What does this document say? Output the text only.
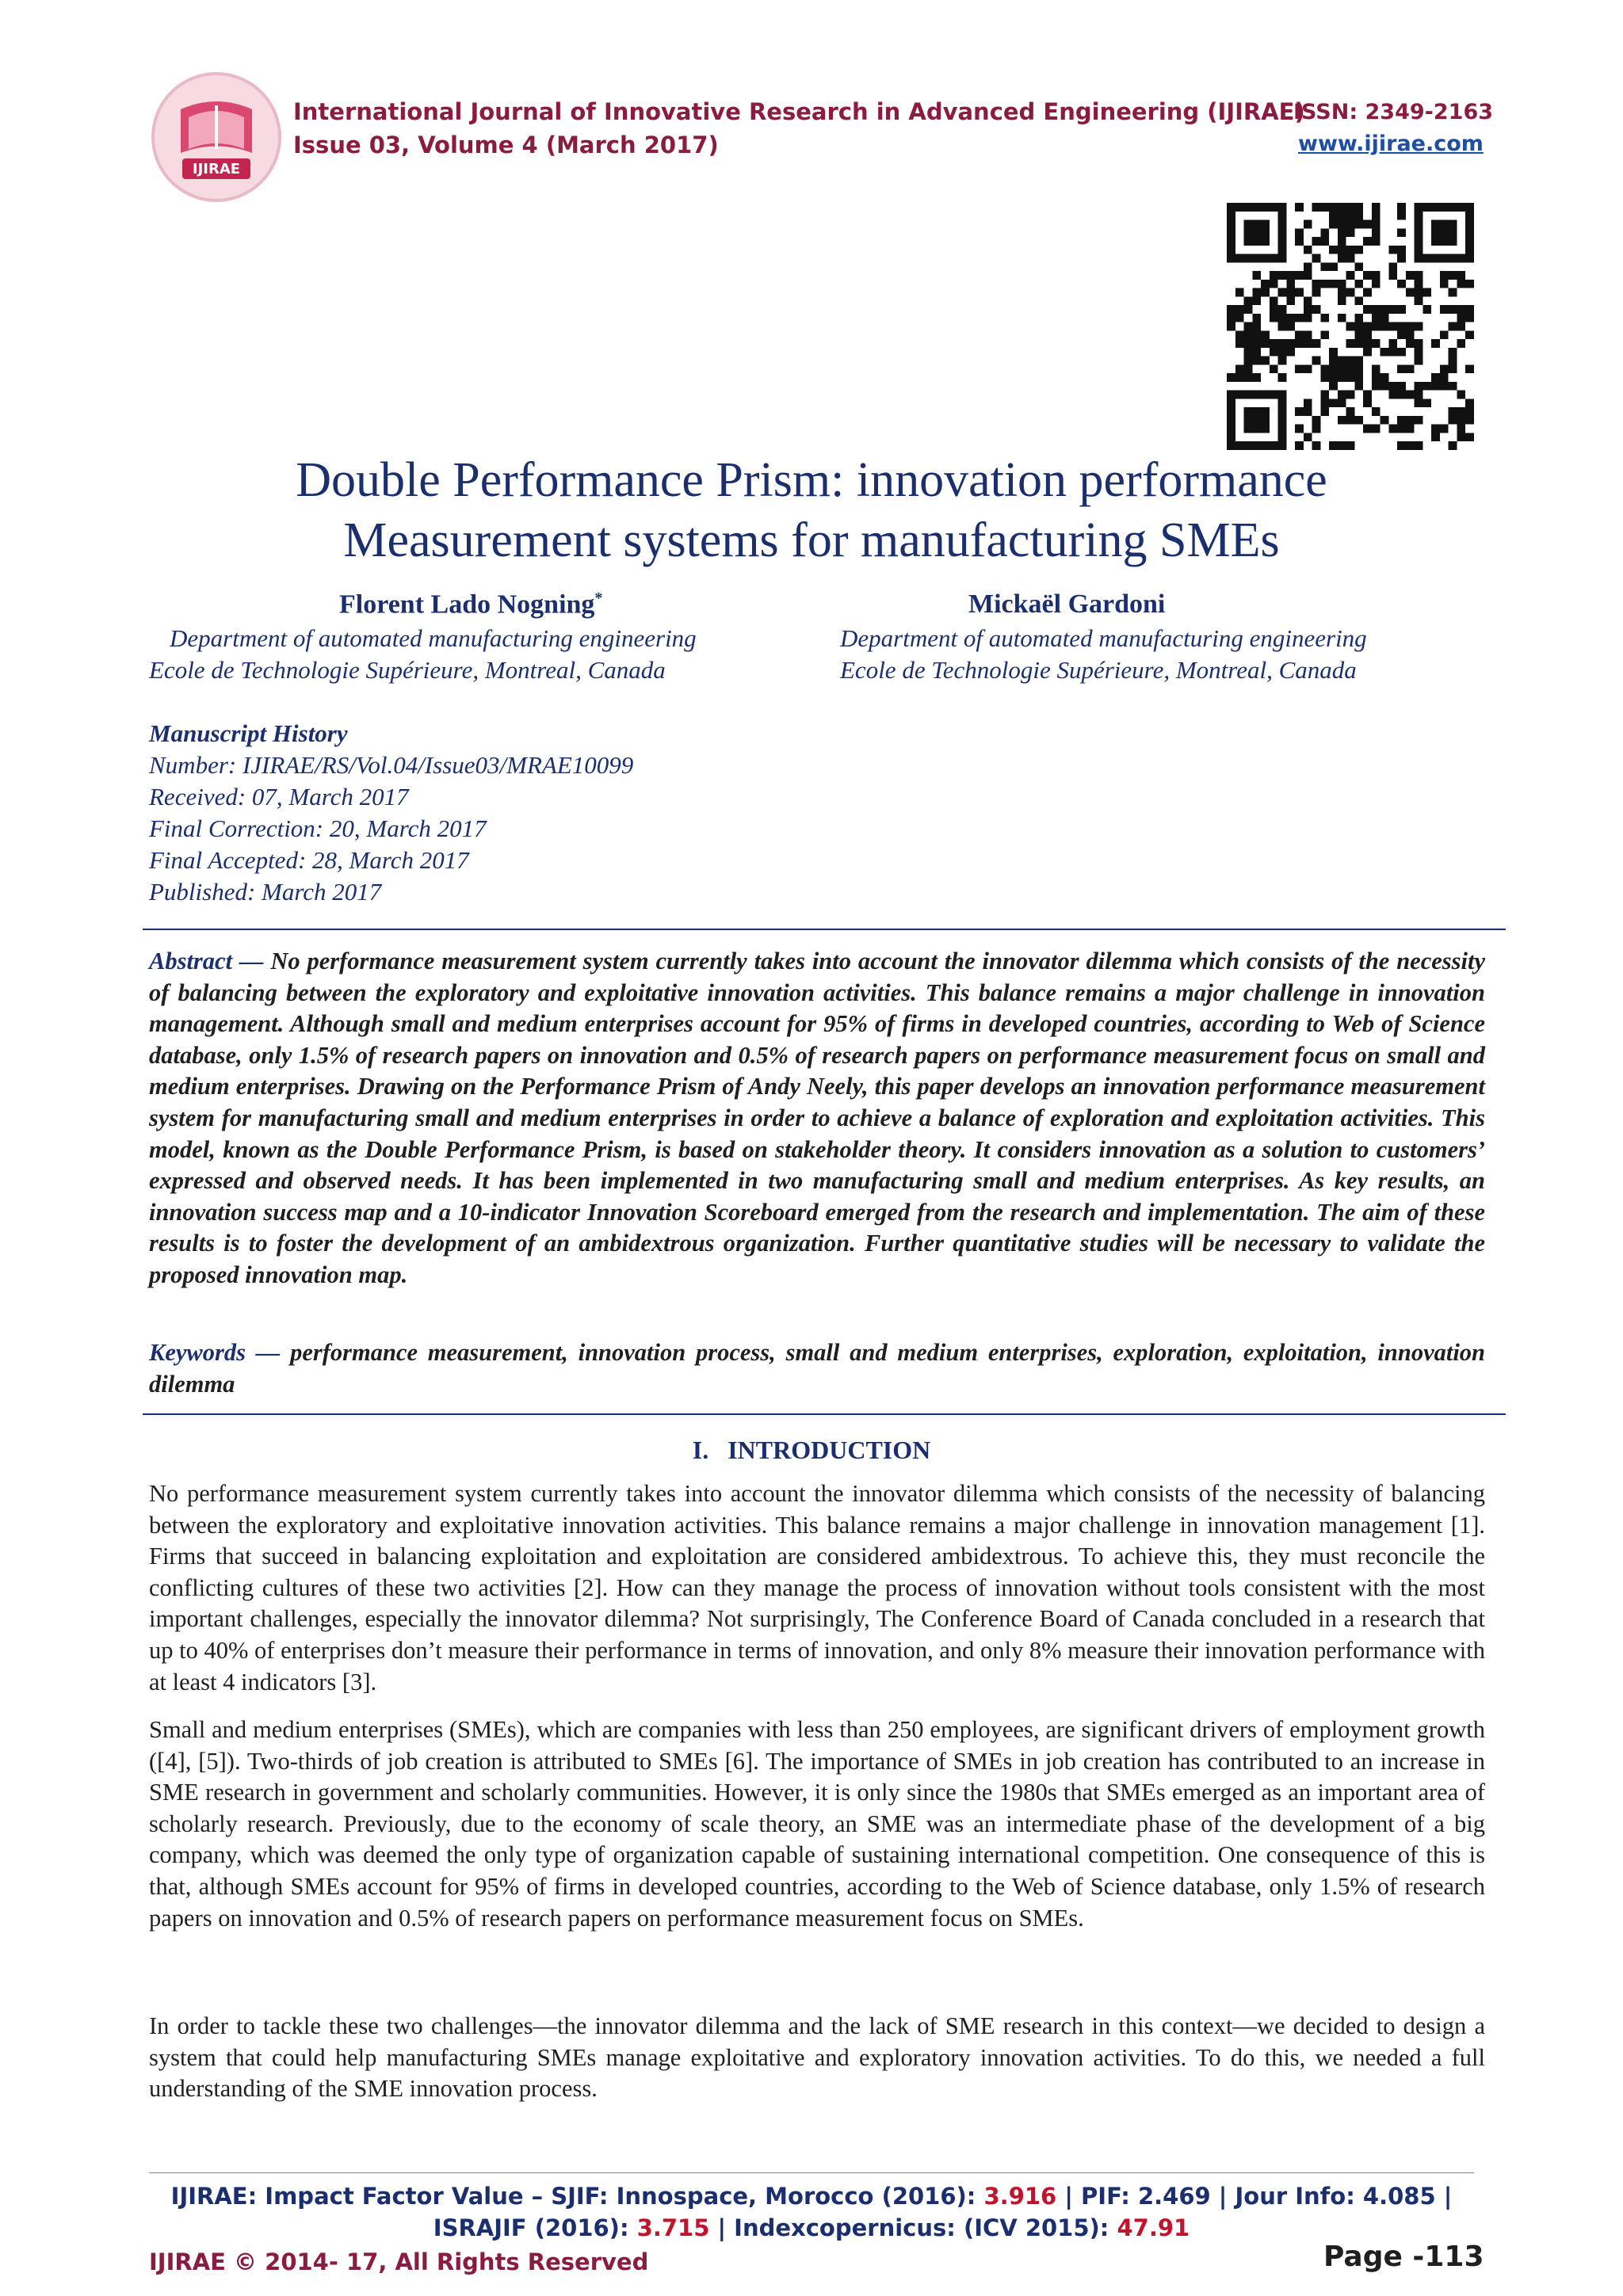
IJIRAE
International Journal of Innovative Research in Advanced Engineering (IJIRAE)
ISSN: 2349-2163
Issue 03, Volume 4 (March 2017)	www.ijirae.com
Double Performance Prism: innovation performance
Measurement systems for manufacturing SMEs
Florent Lado Nogning*
Department of automated manufacturing engineering
Ecole de Technologie Supérieure, Montreal, Canada
Mickaël Gardoni
Department of automated manufacturing engineering
Ecole de Technologie Supérieure, Montreal, Canada
Manuscript History
Number: IJIRAE/RS/Vol.04/Issue03/MRAE10099
Received: 07, March 2017
Final Correction: 20, March 2017
Final Accepted: 28, March 2017
Published: March 2017
Abstract — No performance measurement system currently takes into account the innovator dilemma which consists of the necessity of balancing between the exploratory and exploitative innovation activities. This balance remains a major challenge in innovation management. Although small and medium enterprises account for 95% of firms in developed countries, according to Web of Science database, only 1.5% of research papers on innovation and 0.5% of research papers on performance measurement focus on small and medium enterprises. Drawing on the Performance Prism of Andy Neely, this paper develops an innovation performance measurement system for manufacturing small and medium enterprises in order to achieve a balance of exploration and exploitation activities. This model, known as the Double Performance Prism, is based on stakeholder theory. It considers innovation as a solution to customers’ expressed and observed needs. It has been implemented in two manufacturing small and medium enterprises. As key results, an innovation success map and a 10-indicator Innovation Scoreboard emerged from the research and implementation. The aim of these results is to foster the development of an ambidextrous organization. Further quantitative studies will be necessary to validate the proposed innovation map.
Keywords — performance measurement, innovation process, small and medium enterprises, exploration, exploitation, innovation dilemma
I.   INTRODUCTION
No performance measurement system currently takes into account the innovator dilemma which consists of the necessity of balancing between the exploratory and exploitative innovation activities. This balance remains a major challenge in innovation management [1]. Firms that succeed in balancing exploitation and exploitation are considered ambidextrous. To achieve this, they must reconcile the conflicting cultures of these two activities [2]. How can they manage the process of innovation without tools consistent with the most important challenges, especially the innovator dilemma? Not surprisingly, The Conference Board of Canada concluded in a research that up to 40% of enterprises don’t measure their performance in terms of innovation, and only 8% measure their innovation performance with at least 4 indicators [3].
Small and medium enterprises (SMEs), which are companies with less than 250 employees, are significant drivers of employment growth ([4], [5]). Two-thirds of job creation is attributed to SMEs [6]. The importance of SMEs in job creation has contributed to an increase in SME research in government and scholarly communities. However, it is only since the 1980s that SMEs emerged as an important area of scholarly research. Previously, due to the economy of scale theory, an SME was an intermediate phase of the development of a big company, which was deemed the only type of organization capable of sustaining international competition. One consequence of this is that, although SMEs account for 95% of firms in developed countries, according to the Web of Science database, only 1.5% of research papers on innovation and 0.5% of research papers on performance measurement focus on SMEs.
In order to tackle these two challenges—the innovator dilemma and the lack of SME research in this context—we decided to design a system that could help manufacturing SMEs manage exploitative and exploratory innovation activities. To do this, we needed a full understanding of the SME innovation process.
IJIRAE: Impact Factor Value – SJIF: Innospace, Morocco (2016): 3.916 | PIF: 2.469 | Jour Info: 4.085 |
ISRAJIF (2016): 3.715 | Indexcopernicus: (ICV 2015): 47.91
IJIRAE © 2014- 17, All Rights Reserved	Page -113
